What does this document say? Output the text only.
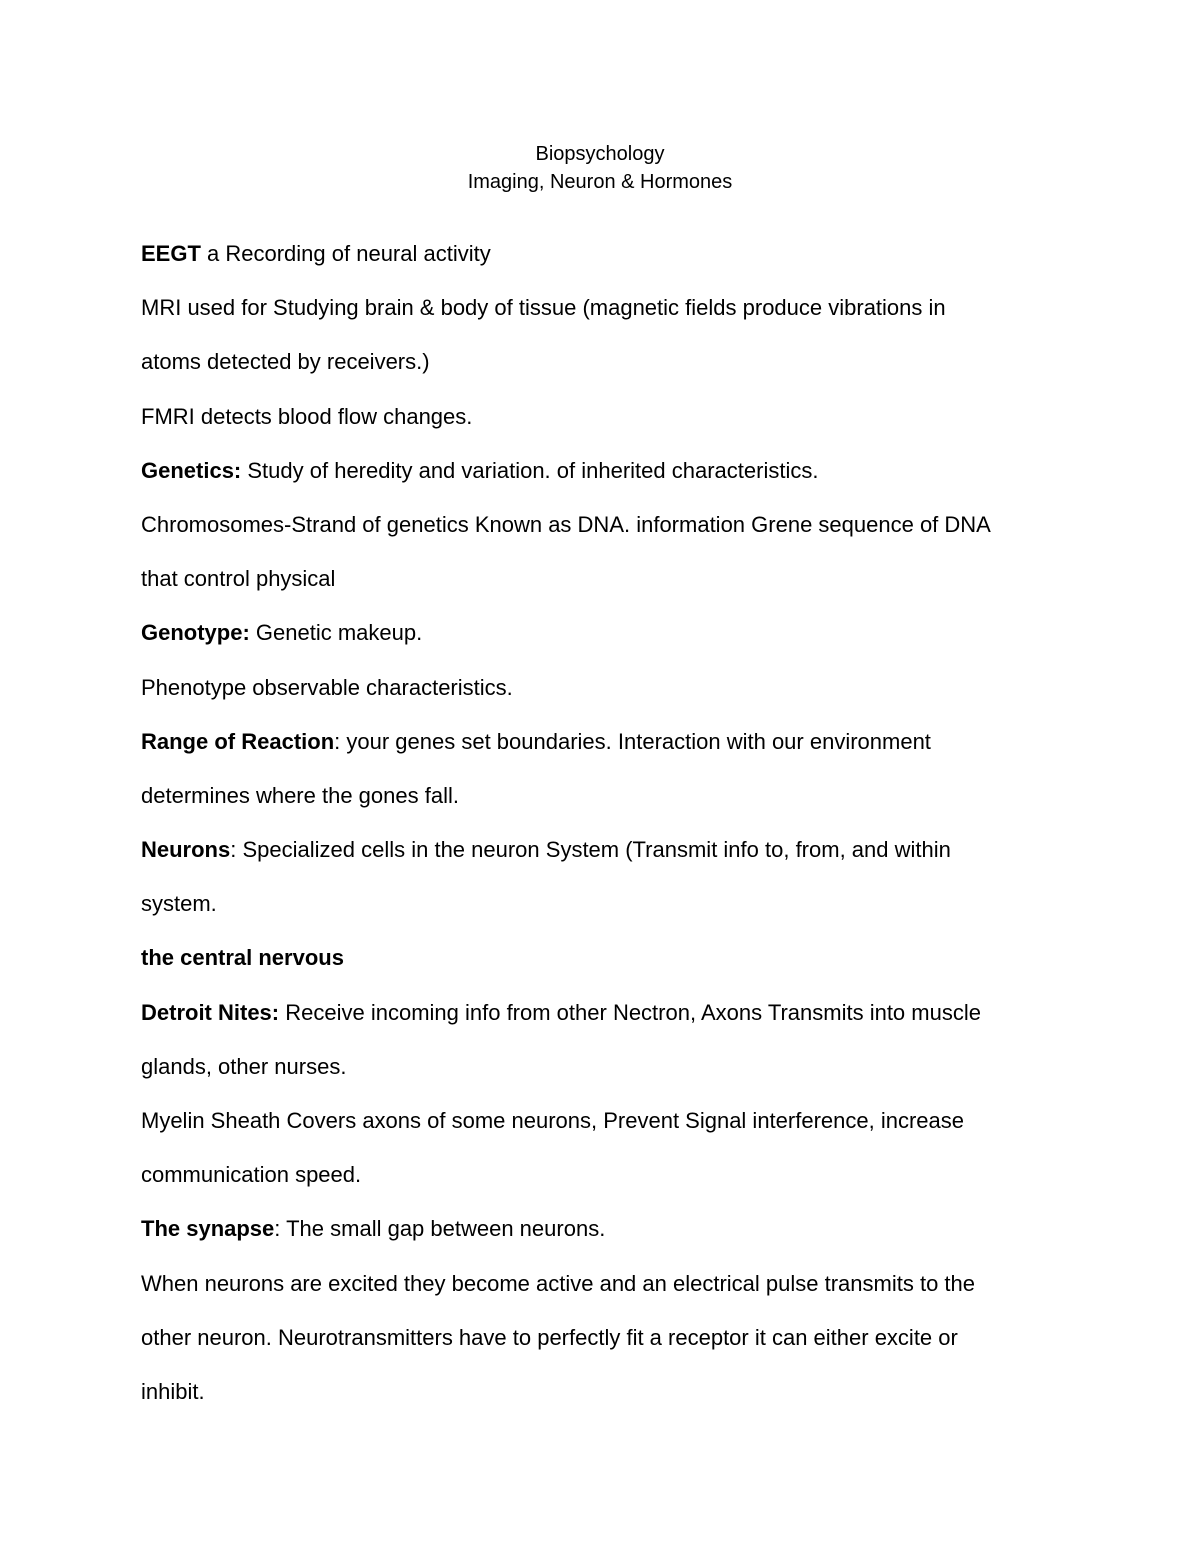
Biopsychology
Imaging, Neuron & Hormones
EEGT a Recording of neural activity
MRI used for Studying brain & body of tissue (magnetic fields produce vibrations in
atoms detected by receivers.)
FMRI detects blood flow changes.
Genetics: Study of heredity and variation. of inherited characteristics.
Chromosomes-Strand of genetics Known as DNA. information Grene sequence of DNA
that control physical
Genotype: Genetic makeup.
Phenotype observable characteristics.
Range of Reaction: your genes set boundaries. Interaction with our environment
determines where the gones fall.
Neurons: Specialized cells in the neuron System (Transmit info to, from, and within
system.
the central nervous
Detroit Nites: Receive incoming info from other Nectron, Axons Transmits into muscle
glands, other nurses.
Myelin Sheath Covers axons of some neurons, Prevent Signal interference, increase
communication speed.
The synapse: The small gap between neurons.
When neurons are excited they become active and an electrical pulse transmits to the
other neuron. Neurotransmitters have to perfectly fit a receptor it can either excite or
inhibit.
